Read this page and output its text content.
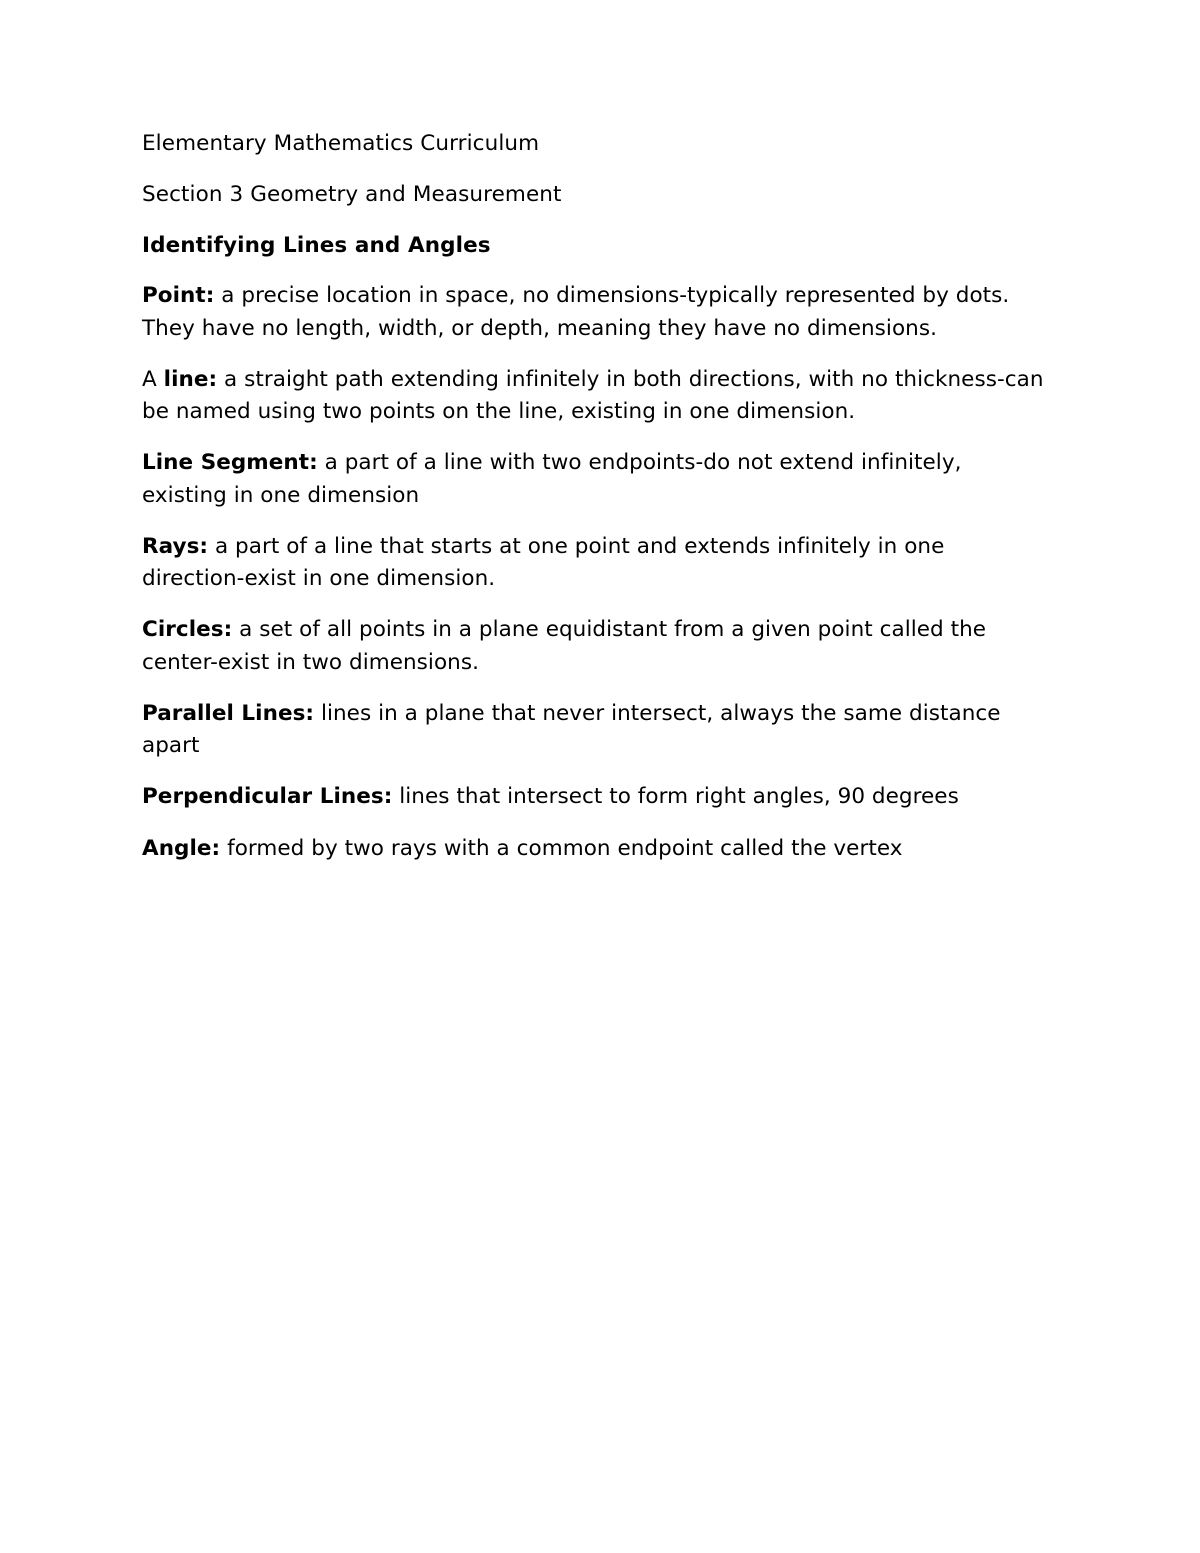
Elementary Mathematics Curriculum

Section 3 Geometry and Measurement

Identifying Lines and Angles

Point: a precise location in space, no dimensions-typically represented by dots. They have no length, width, or depth, meaning they have no dimensions.

A line: a straight path extending infinitely in both directions, with no thickness-can be named using two points on the line, existing in one dimension.

Line Segment: a part of a line with two endpoints-do not extend infinitely, existing in one dimension

Rays: a part of a line that starts at one point and extends infinitely in one direction-exist in one dimension.

Circles: a set of all points in a plane equidistant from a given point called the center-exist in two dimensions.

Parallel Lines: lines in a plane that never intersect, always the same distance apart

Perpendicular Lines: lines that intersect to form right angles, 90 degrees

Angle: formed by two rays with a common endpoint called the vertex
